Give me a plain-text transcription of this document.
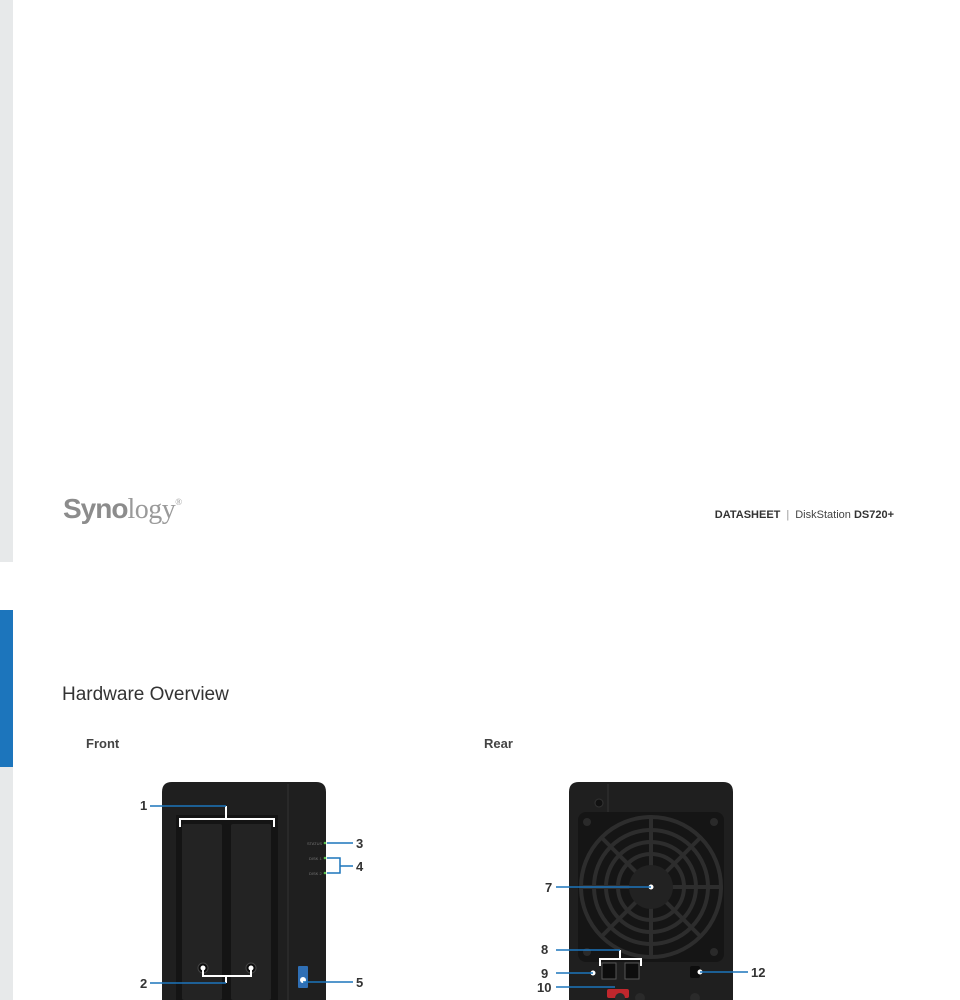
Synology®
DATASHEET | DiskStation DS720+
Hardware Overview
Front	Rear
STATUS
DISK 1
DISK 2
1
2
3
4
5
7
8
9
10
12
